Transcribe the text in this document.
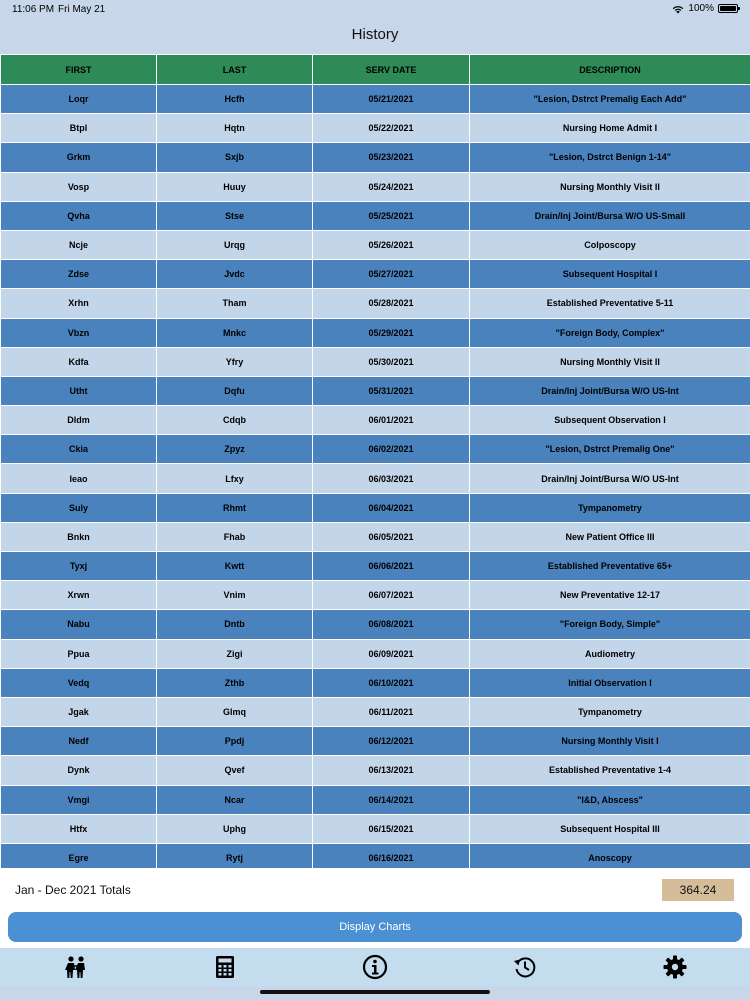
11:06 PM Fri May 21	100%
History
FIRST	LAST	SERV DATE	DESCRIPTION
Loqr	Hcfh	05/21/2021	"Lesion, Dstrct Premalig Each Add"
Btpl	Hqtn	05/22/2021	Nursing Home Admit I
Grkm	Sxjb	05/23/2021	"Lesion, Dstrct Benign 1-14"
Vosp	Huuy	05/24/2021	Nursing Monthly Visit II
Qvha	Stse	05/25/2021	Drain/Inj Joint/Bursa W/O US-Small
Ncje	Urqg	05/26/2021	Colposcopy
Zdse	Jvdc	05/27/2021	Subsequent Hospital I
Xrhn	Tham	05/28/2021	Established Preventative 5-11
Vbzn	Mnkc	05/29/2021	"Foreign Body, Complex"
Kdfa	Yfry	05/30/2021	Nursing Monthly Visit II
Utht	Dqfu	05/31/2021	Drain/Inj Joint/Bursa W/O US-Int
Dldm	Cdqb	06/01/2021	Subsequent Observation I
Ckia	Zpyz	06/02/2021	"Lesion, Dstrct Premalig One"
Ieao	Lfxy	06/03/2021	Drain/Inj Joint/Bursa W/O US-Int
Suly	Rhmt	06/04/2021	Tympanometry
Bnkn	Fhab	06/05/2021	New Patient Office III
Tyxj	Kwtt	06/06/2021	Established Preventative 65+
Xrwn	Vnim	06/07/2021	New Preventative 12-17
Nabu	Dntb	06/08/2021	"Foreign Body, Simple"
Ppua	Zigi	06/09/2021	Audiometry
Vedq	Zthb	06/10/2021	Initial Observation I
Jgak	Glmq	06/11/2021	Tympanometry
Nedf	Ppdj	06/12/2021	Nursing Monthly Visit I
Dynk	Qvef	06/13/2021	Established Preventative 1-4
Vmgi	Ncar	06/14/2021	"I&D, Abscess"
Htfx	Uphg	06/15/2021	Subsequent Hospital III
Egre	Rytj	06/16/2021	Anoscopy
Jan - Dec 2021 Totals	364.24
Display Charts
